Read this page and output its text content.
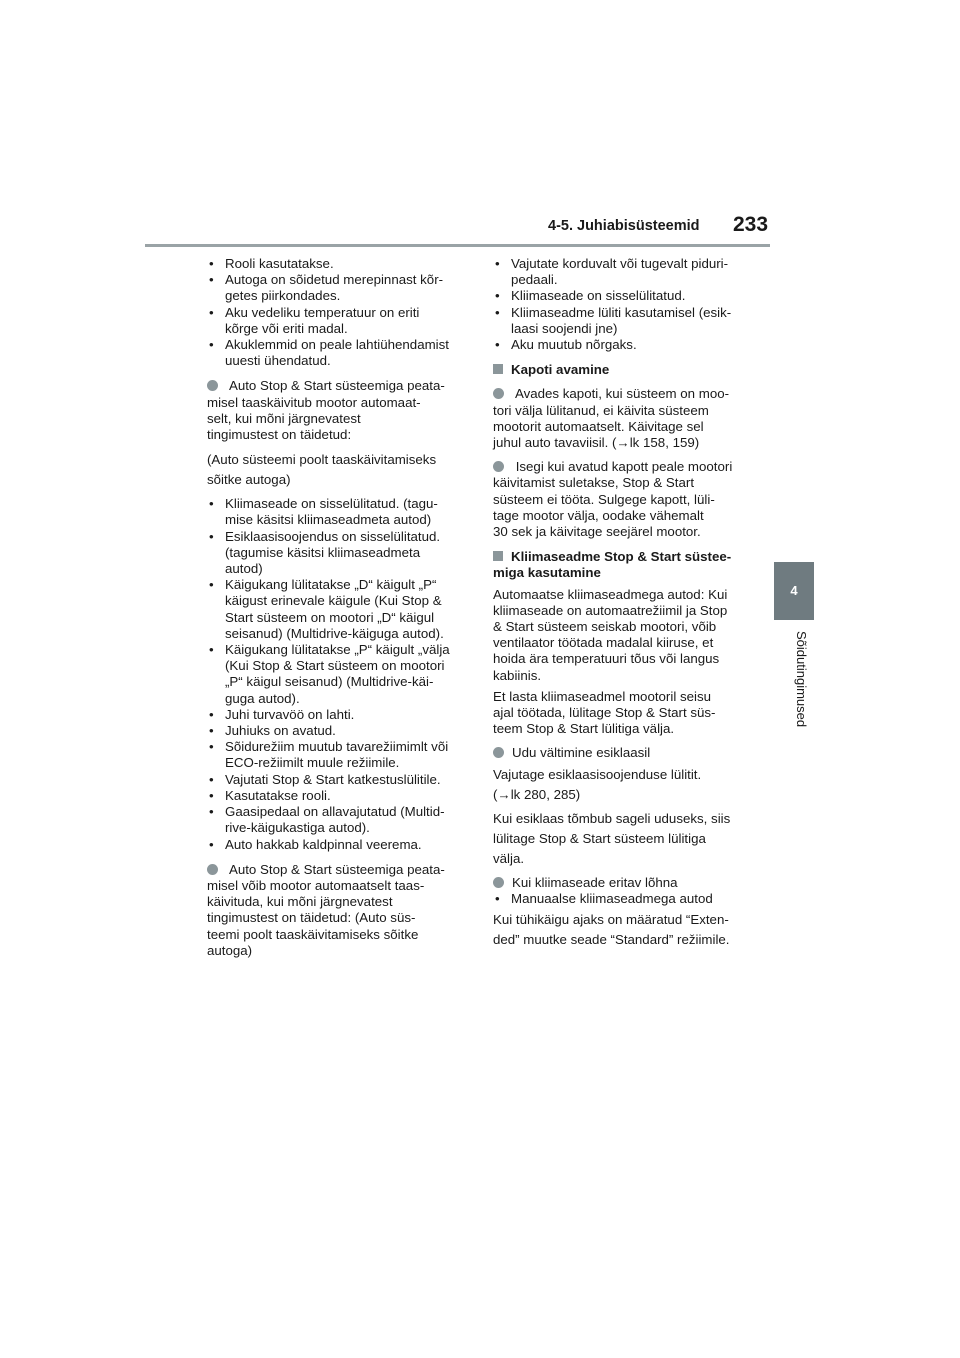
4-5. Juhiabisüsteemid 233
4
Sõidutingimused
• Rooli kasutatakse.
• Autoga on sõidetud merepinnast kõr-
getes piirkondades.
• Aku vedeliku temperatuur on eriti
kõrge või eriti madal.
• Akuklemmid on peale lahtiühendamist
uuesti ühendatud.
Auto Stop & Start süsteemiga peata-
misel taaskäivitub mootor automaat-
selt, kui mõni järgnevatest
tingimustest on täidetud:
(Auto süsteemi poolt taaskäivitamiseks
sõitke autoga)
• Kliimaseade on sisselülitatud. (tagu-
mise käsitsi kliimaseadmeta autod)
• Esiklaasisoojendus on sisselülitatud.
(tagumise käsitsi kliimaseadmeta
autod)
• Käigukang lülitatakse „D“ käigult „P“
käigust erinevale käigule (Kui Stop &
Start süsteem on mootori „D“ käigul
seisanud) (Multidrive-käiguga autod).
• Käigukang lülitatakse „P“ käigult „välja
(Kui Stop & Start süsteem on mootori
„P“ käigul seisanud) (Multidrive-käi-
guga autod).
• Juhi turvavöö on lahti.
• Juhiuks on avatud.
• Sõidurežiim muutub tavarežiimimlt või
ECO-režiimilt muule režiimile.
• Vajutati Stop & Start katkestuslülitile.
• Kasutatakse rooli.
• Gaasipedaal on allavajutatud (Multid-
rive-käigukastiga autod).
• Auto hakkab kaldpinnal veerema.
Auto Stop & Start süsteemiga peata-
misel võib mootor automaatselt taas-
käivituda, kui mõni järgnevatest
tingimustest on täidetud: (Auto süs-
teemi poolt taaskäivitamiseks sõitke
autoga)
• Vajutate korduvalt või tugevalt piduri-
pedaali.
• Kliimaseade on sisselülitatud.
• Kliimaseadme lüliti kasutamisel (esik-
laasi soojendi jne)
• Aku muutub nõrgaks.
Kapoti avamine
Avades kapoti, kui süsteem on moo-
tori välja lülitanud, ei käivita süsteem
mootorit automaatselt. Käivitage sel
juhul auto tavaviisil. (→lk 158, 159)
Isegi kui avatud kapott peale mootori
käivitamist suletakse, Stop & Start
süsteem ei tööta. Sulgege kapott, lüli-
tage mootor välja, oodake vähemalt
30 sek ja käivitage seejärel mootor.
Kliimaseadme Stop & Start süstee-
miga kasutamine
Automaatse kliimaseadmega autod: Kui
kliimaseade on automaatrežiimil ja Stop
& Start süsteem seiskab mootori, võib
ventilaator töötada madalal kiiruse, et
hoida ära temperatuuri tõus või langus
kabiinis.
Et lasta kliimaseadmel mootoril seisu
ajal töötada, lülitage Stop & Start süs-
teem Stop & Start lülitiga välja.
Udu vältimine esiklaasil
Vajutage esiklaasisoojenduse lülitit.
(→lk 280, 285)
Kui esiklaas tõmbub sageli uduseks, siis
lülitage Stop & Start süsteem lülitiga
välja.
Kui kliimaseade eritav lõhna
• Manuaalse kliimaseadmega autod
Kui tühikäigu ajaks on määratud “Exten-
ded” muutke seade “Standard” režiimile.
